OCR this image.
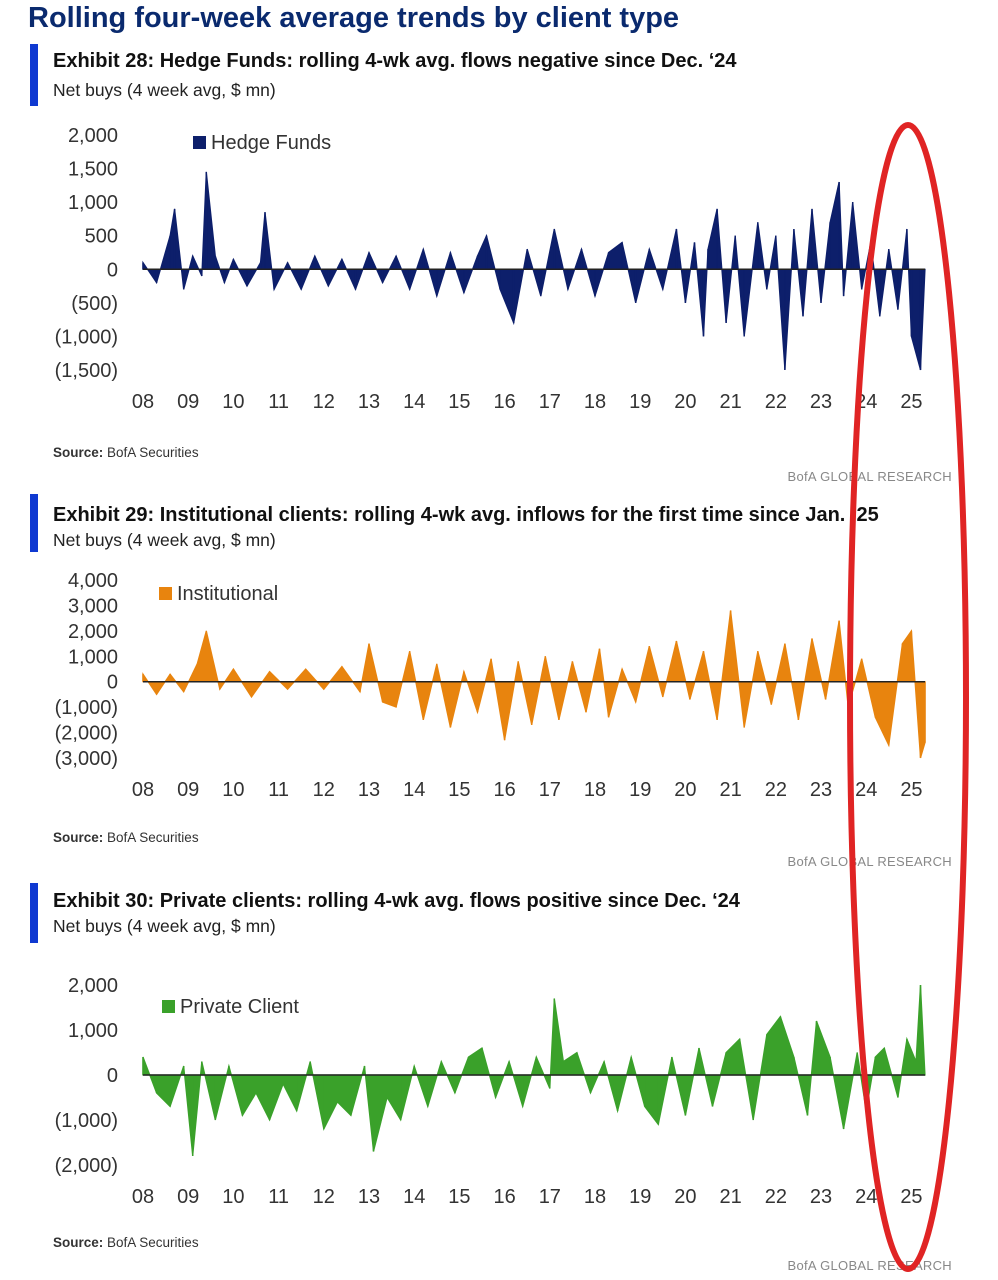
Rolling four-week average trends by client type
Exhibit 28: Hedge Funds: rolling 4-wk avg. flows negative since Dec. ‘24
Net buys (4 week avg, $ mn)
2,000
1,500
1,000
500
0
(500)
(1,000)
(1,500)
08 09 10 11 12 13 14 15 16 17 18 19 20 21 22 23 24 25
Hedge Funds
Source: BofA Securities
BofA GLOBAL RESEARCH
Exhibit 29: Institutional clients: rolling 4-wk avg. inflows for the first time since Jan. ‘25
Net buys (4 week avg, $ mn)
4,000
3,000
2,000
1,000
0
(1,000)
(2,000)
(3,000)
08 09 10 11 12 13 14 15 16 17 18 19 20 21 22 23 24 25
Institutional
Source: BofA Securities
BofA GLOBAL RESEARCH
Exhibit 30: Private clients: rolling 4-wk avg. flows positive since Dec. ‘24
Net buys (4 week avg, $ mn)
2,000
1,000
0
(1,000)
(2,000)
08 09 10 11 12 13 14 15 16 17 18 19 20 21 22 23 24 25
Private Client
Source: BofA Securities
BofA GLOBAL RESEARCH
